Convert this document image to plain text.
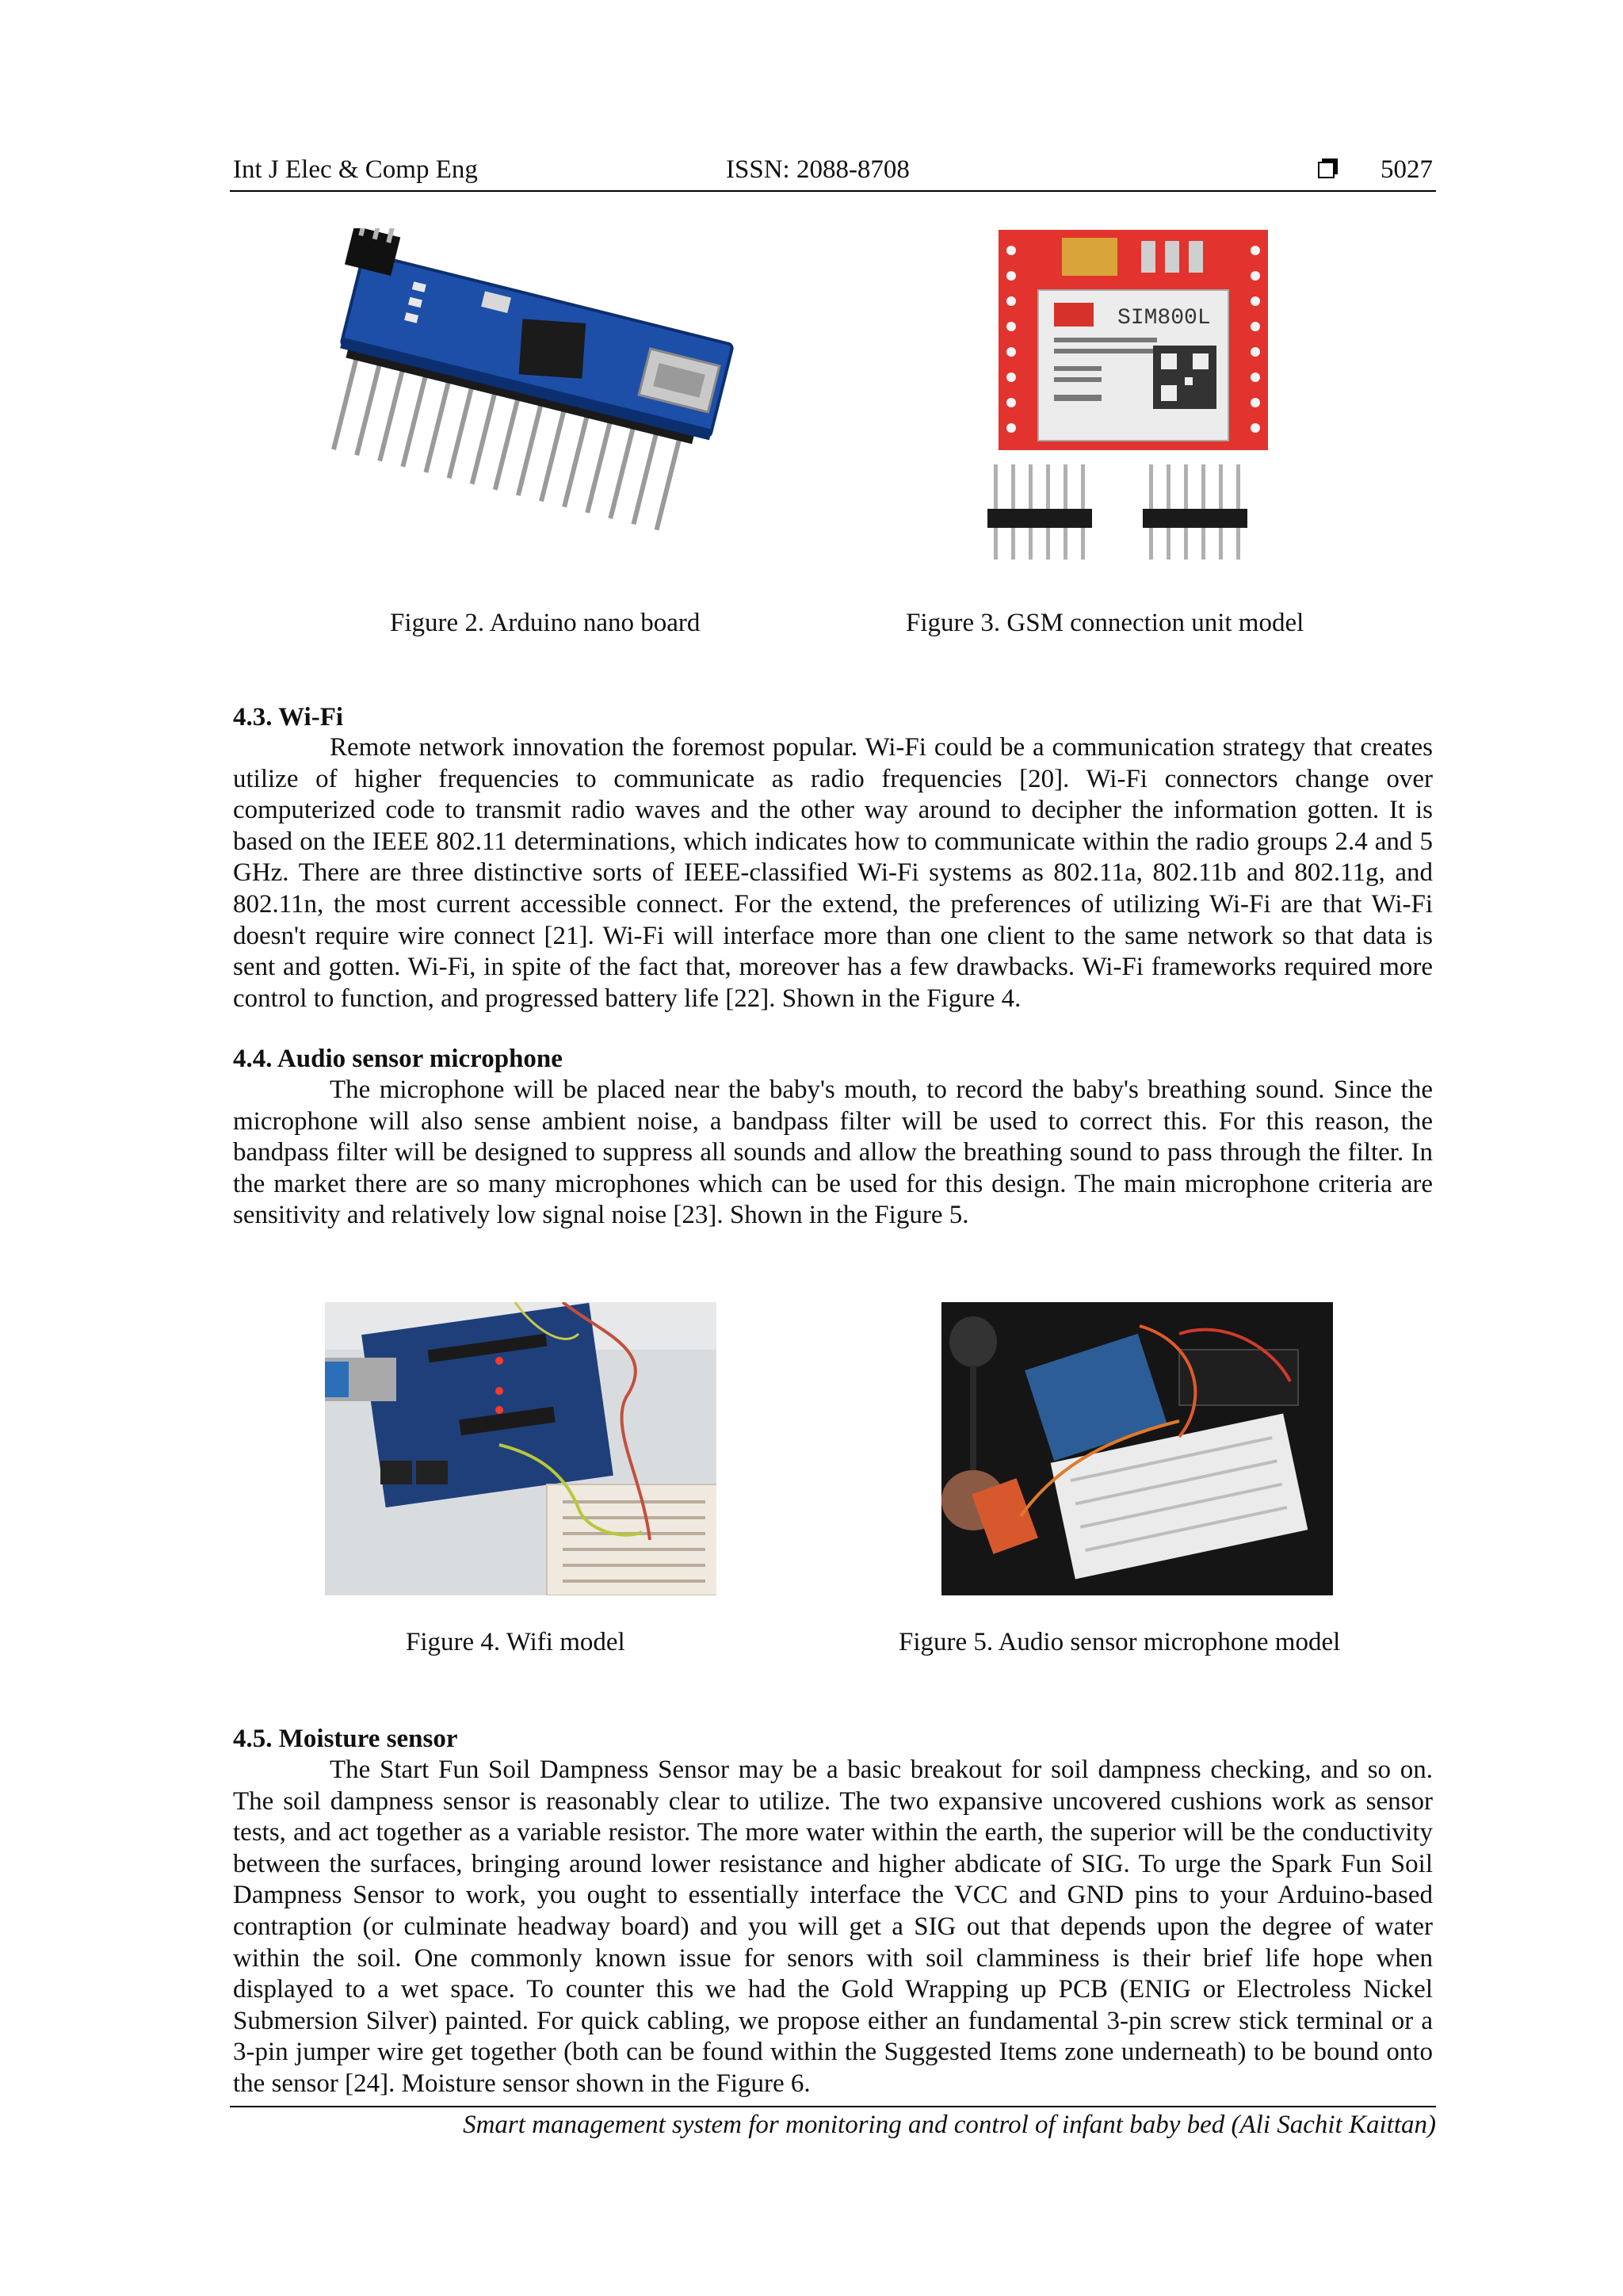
Int J Elec & Comp Eng	ISSN: 2088-8708	5027
SIM800L
Figure 2. Arduino nano board	Figure 3. GSM connection unit model
4.3. Wi-Fi

Remote network innovation the foremost popular. Wi-Fi could be a communication strategy that creates utilize of higher frequencies to communicate as radio frequencies [20]. Wi-Fi connectors change over computerized code to transmit radio waves and the other way around to decipher the information gotten. It is based on the IEEE 802.11 determinations, which indicates how to communicate within the radio groups 2.4 and 5 GHz. There are three distinctive sorts of IEEE-classified Wi-Fi systems as 802.11a, 802.11b and 802.11g, and 802.11n, the most current accessible connect. For the extend, the preferences of utilizing Wi-Fi are that Wi-Fi doesn't require wire connect [21]. Wi-Fi will interface more than one client to the same network so that data is sent and gotten. Wi-Fi, in spite of the fact that, moreover has a few drawbacks. Wi-Fi frameworks required more control to function, and progressed battery life [22]. Shown in the Figure 4.

4.4. Audio sensor microphone

The microphone will be placed near the baby's mouth, to record the baby's breathing sound. Since the microphone will also sense ambient noise, a bandpass filter will be used to correct this. For this reason, the bandpass filter will be designed to suppress all sounds and allow the breathing sound to pass through the filter. In the market there are so many microphones which can be used for this design. The main microphone criteria are sensitivity and relatively low signal noise [23]. Shown in the Figure 5.

Figure 4. Wifi model	Figure 5. Audio sensor microphone model
4.5. Moisture sensor

The Start Fun Soil Dampness Sensor may be a basic breakout for soil dampness checking, and so on. The soil dampness sensor is reasonably clear to utilize. The two expansive uncovered cushions work as sensor tests, and act together as a variable resistor. The more water within the earth, the superior will be the conductivity between the surfaces, bringing around lower resistance and higher abdicate of SIG. To urge the Spark Fun Soil Dampness Sensor to work, you ought to essentially interface the VCC and GND pins to your Arduino-based contraption (or culminate headway board) and you will get a SIG out that depends upon the degree of water within the soil. One commonly known issue for senors with soil clamminess is their brief life hope when displayed to a wet space. To counter this we had the Gold Wrapping up PCB (ENIG or Electroless Nickel Submersion Silver) painted. For quick cabling, we propose either an fundamental 3-pin screw stick terminal or a 3-pin jumper wire get together (both can be found within the Suggested Items zone underneath) to be bound onto the sensor [24]. Moisture sensor shown in the Figure 6.

Smart management system for monitoring and control of infant baby bed (Ali Sachit Kaittan)
